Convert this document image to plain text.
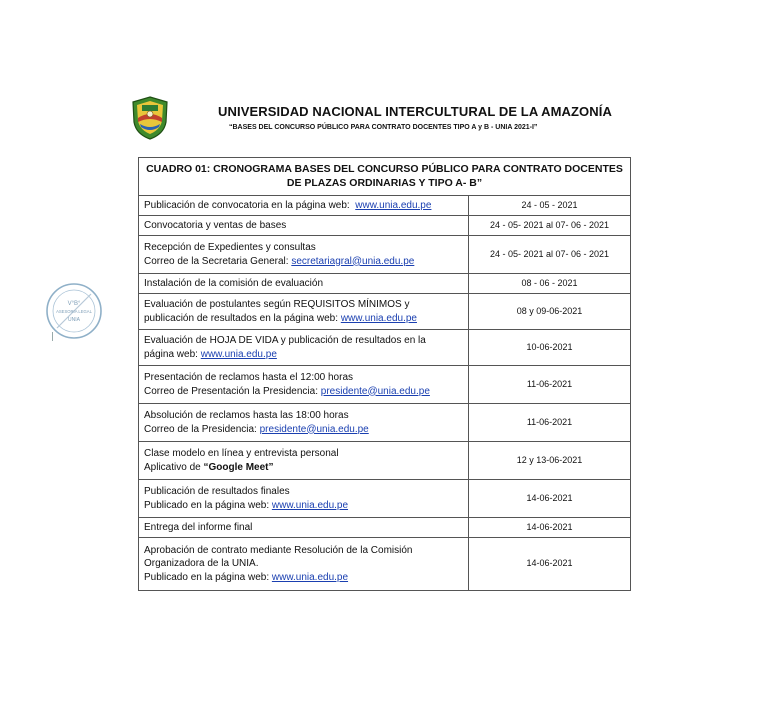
V°B°
ASESORIA LEGAL
UNIA
UNIVERSIDAD NACIONAL INTERCULTURAL DE LA AMAZONÍA
“BASES DEL CONCURSO PÚBLICO PARA CONTRATO DOCENTES TIPO A y B - UNIA 2021-I”
CUADRO 01: CRONOGRAMA BASES DEL CONCURSO PÚBLICO PARA CONTRATO DOCENTES DE PLAZAS ORDINARIAS Y TIPO A- B”	
Publicación de convocatoria en la página web: www.unia.edu.pe	24 - 05 - 2021
Convocatoria y ventas de bases	24 - 05- 2021 al 07- 06 - 2021

Recepción de Expedientes y consultas
Correo de la Secretaria General: secretariagral@unia.edu.pe	24 - 05- 2021 al 07- 06 - 2021
Instalación de la comisión de evaluación	08 - 06 - 2021

Evaluación de postulantes según REQUISITOS MÍNIMOS y
publicación de resultados en la página web: www.unia.edu.pe	08 y 09-06-2021

Evaluación de HOJA DE VIDA y publicación de resultados en la
página web: www.unia.edu.pe	10-06-2021

Presentación de reclamos hasta el 12:00 horas
Correo de Presentación la Presidencia: presidente@unia.edu.pe	11-06-2021

Absolución de reclamos hasta las 18:00 horas
Correo de la Presidencia: presidente@unia.edu.pe	11-06-2021

Clase modelo en línea y entrevista personal
Aplicativo de “Google Meet”	12 y 13-06-2021

Publicación de resultados finales
Publicado en la página web: www.unia.edu.pe	14-06-2021
Entrega del informe final	14-06-2021

Aprobación de contrato mediante Resolución de la Comisión
Organizadora de la UNIA.
Publicado en la página web: www.unia.edu.pe	14-06-2021
